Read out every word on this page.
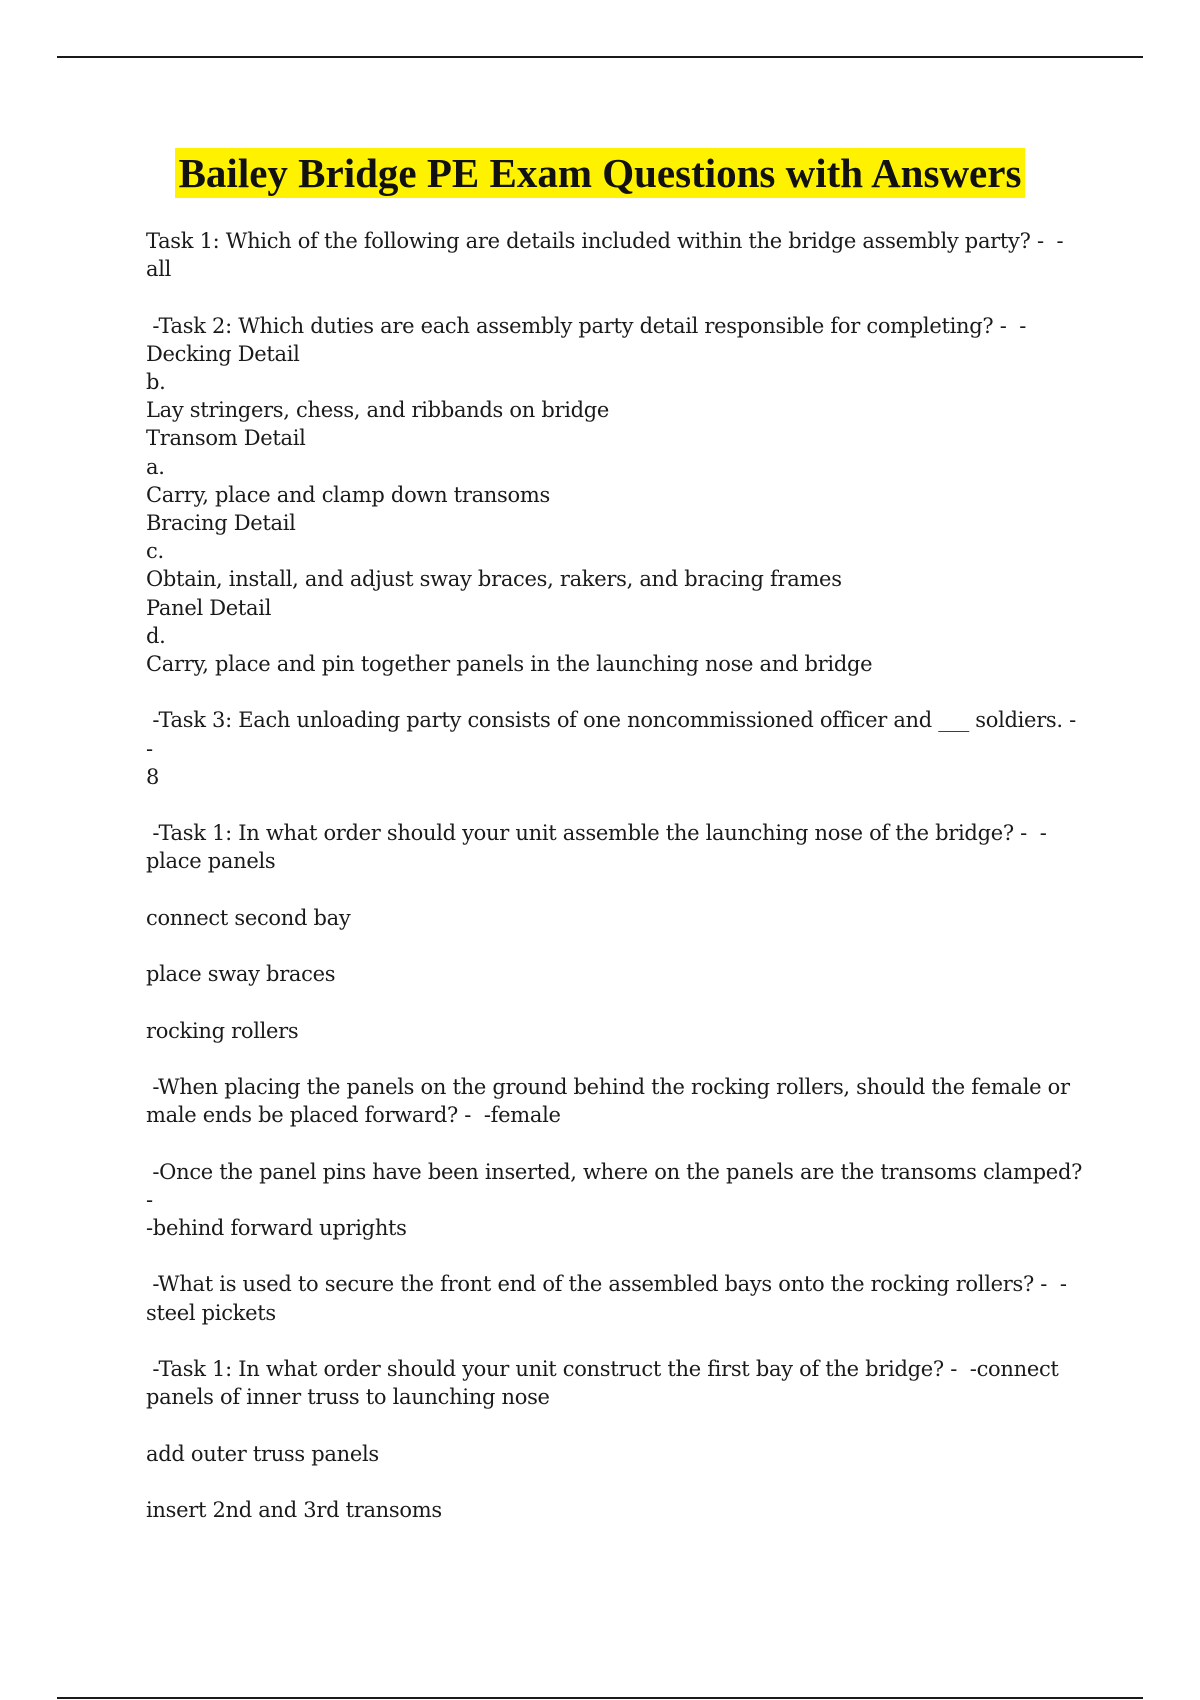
Bailey Bridge PE Exam Questions with Answers
Task 1: Which of the following are details included within the bridge assembly party? -  -all
-Task 2: Which duties are each assembly party detail responsible for completing? -  -
Decking Detail
b.
Lay stringers, chess, and ribbands on bridge
Transom Detail
a.
Carry, place and clamp down transoms
Bracing Detail
c.
Obtain, install, and adjust sway braces, rakers, and bracing frames
Panel Detail
d.
Carry, place and pin together panels in the launching nose and bridge
-Task 3: Each unloading party consists of one noncommissioned officer and ___ soldiers. -  -
8
-Task 1: In what order should your unit assemble the launching nose of the bridge? -  -
place panels
connect second bay
place sway braces
rocking rollers
-When placing the panels on the ground behind the rocking rollers, should the female or
male ends be placed forward? -  -female
-Once the panel pins have been inserted, where on the panels are the transoms clamped? -
-behind forward uprights
-What is used to secure the front end of the assembled bays onto the rocking rollers? -  -
steel pickets
-Task 1: In what order should your unit construct the first bay of the bridge? -  -connect
panels of inner truss to launching nose
add outer truss panels
insert 2nd and 3rd transoms
